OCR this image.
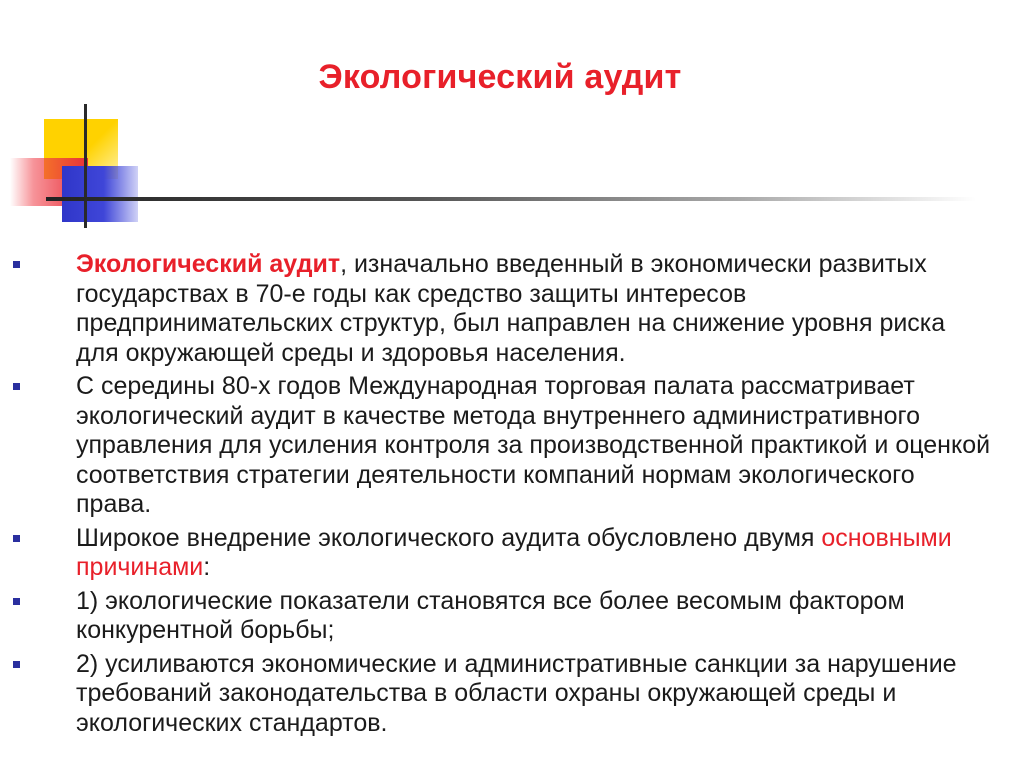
Экологический аудит
Экологический аудит, изначально введенный в экономически развитых государствах в 70-е годы как средство защиты интересов предпринимательских структур, был направлен на снижение уровня риска для окружающей среды и здоровья населения.
С середины 80-х годов Международная торговая палата рассматривает экологический аудит в качестве метода внутреннего административного управления для усиления контроля за производственной практикой и оценкой соответствия стратегии деятельности компаний нормам экологического права.
Широкое внедрение экологического аудита обусловлено двумя основными причинами:
1) экологические показатели становятся все более весомым фактором конкурентной борьбы;
2) усиливаются экономические и административные санкции за нарушение требований законодательства в области охраны окружающей среды и экологических стандартов.
